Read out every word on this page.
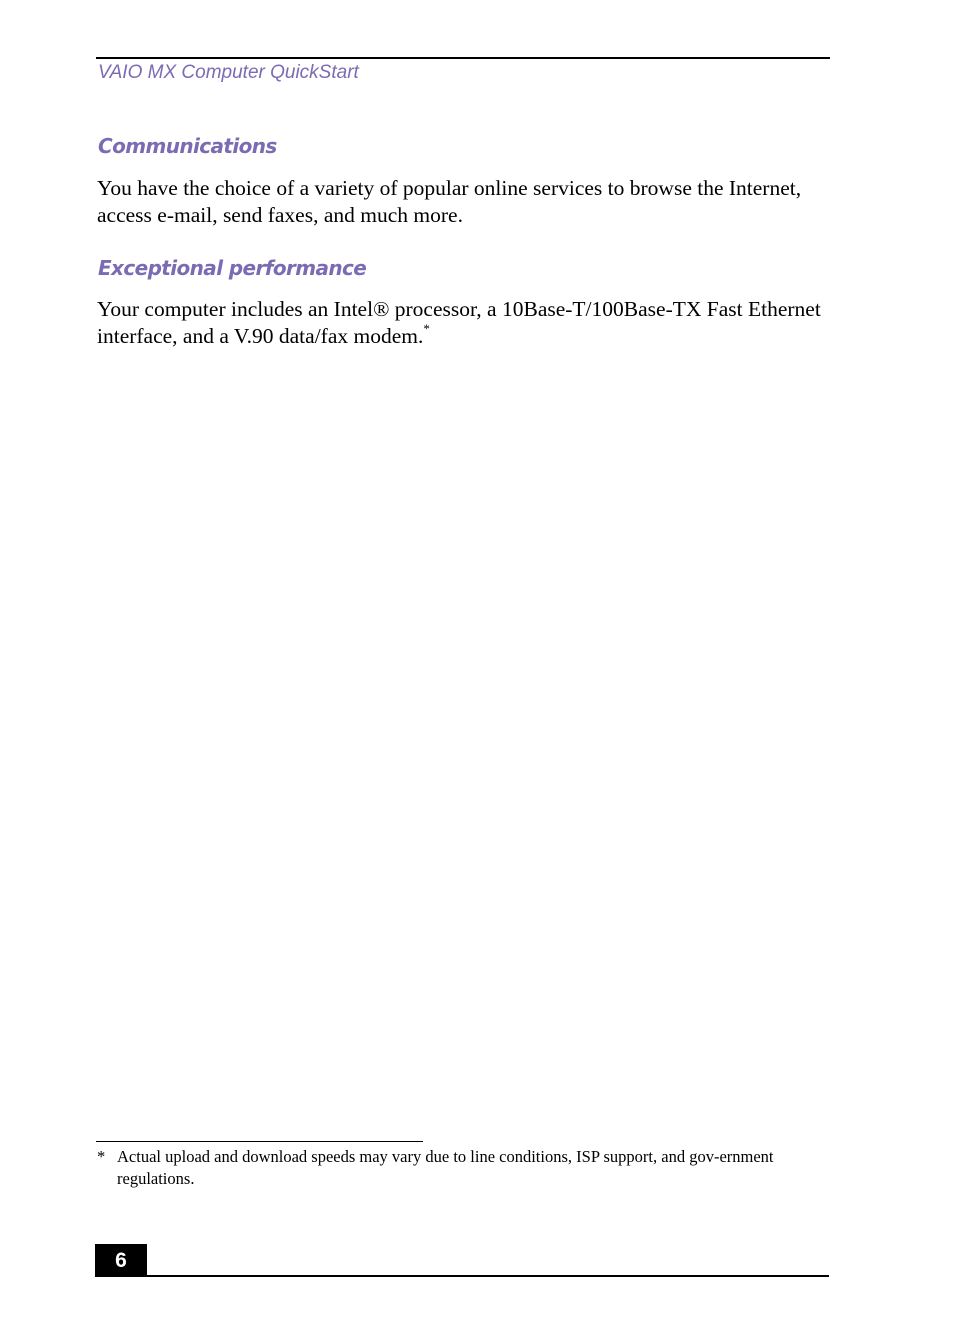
VAIO MX Computer QuickStart
Communications

You have the choice of a variety of popular online services to browse the Internet, access e-mail, send faxes, and much more.

Exceptional performance

Your computer includes an Intel® processor, a 10Base-T/100Base-TX Fast Ethernet interface, and a V.90 data/fax modem.*

* Actual upload and download speeds may vary due to line conditions, ISP support, and gov-ernment regulations.
6
